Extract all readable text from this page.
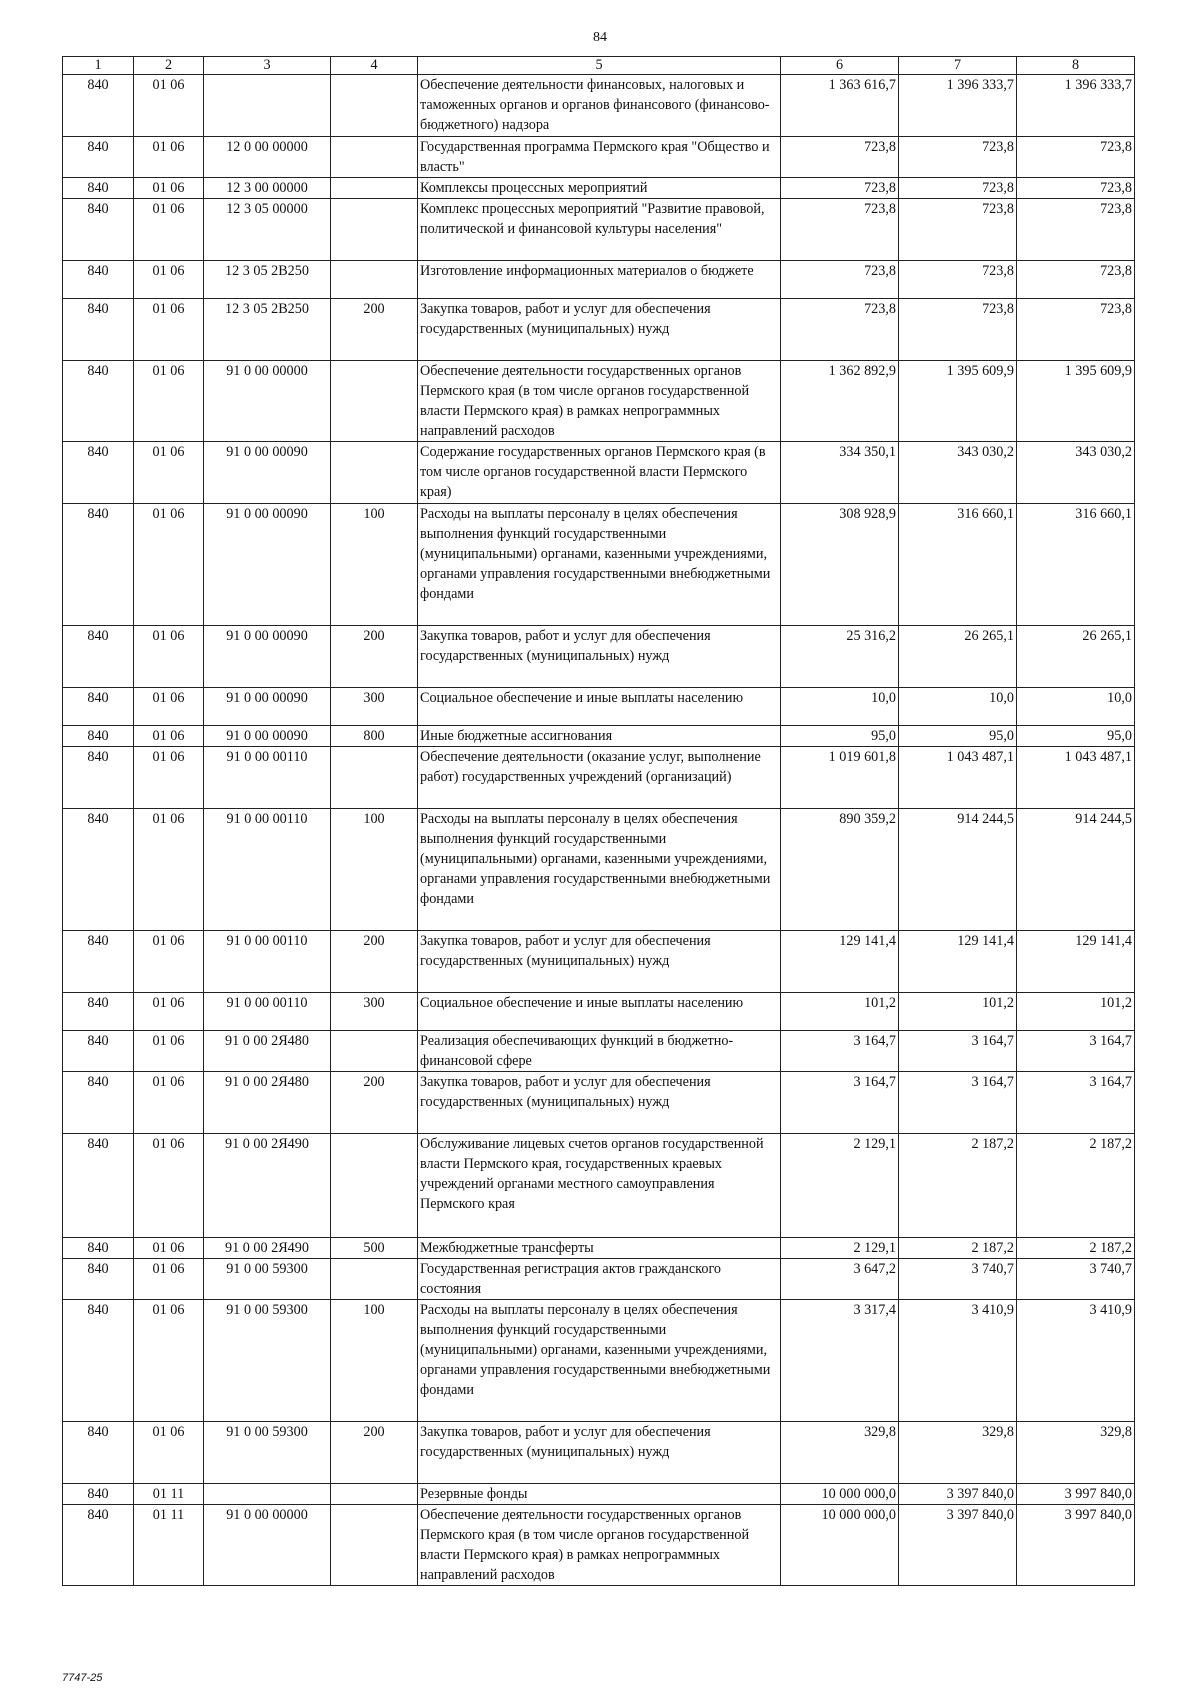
84
1	2	3	4	5	6	7	8
840	01 06			Обеспечение деятельности финансовых, налоговых и таможенных органов и органов финансового (финансово-бюджетного) надзора	1 363 616,7	1 396 333,7	1 396 333,7
840	01 06	12 0 00 00000		Государственная программа Пермского края "Общество и власть"	723,8	723,8	723,8
840	01 06	12 3 00 00000		Комплексы процессных мероприятий	723,8	723,8	723,8
840	01 06	12 3 05 00000		Комплекс процессных мероприятий "Развитие правовой, политической и финансовой культуры населения"	723,8	723,8	723,8
840	01 06	12 3 05 2В250		Изготовление информационных материалов о бюджете	723,8	723,8	723,8
840	01 06	12 3 05 2В250	200	Закупка товаров, работ и услуг для обеспечения государственных (муниципальных) нужд	723,8	723,8	723,8
840	01 06	91 0 00 00000		Обеспечение деятельности государственных органов Пермского края (в том числе органов государственной власти Пермского края) в рамках непрограммных направлений расходов	1 362 892,9	1 395 609,9	1 395 609,9
840	01 06	91 0 00 00090		Содержание государственных органов Пермского края (в том числе органов государственной власти Пермского края)	334 350,1	343 030,2	343 030,2
840	01 06	91 0 00 00090	100	Расходы на выплаты персоналу в целях обеспечения выполнения функций государственными (муниципальными) органами, казенными учреждениями, органами управления государственными внебюджетными фондами	308 928,9	316 660,1	316 660,1
840	01 06	91 0 00 00090	200	Закупка товаров, работ и услуг для обеспечения государственных (муниципальных) нужд	25 316,2	26 265,1	26 265,1
840	01 06	91 0 00 00090	300	Социальное обеспечение и иные выплаты населению	10,0	10,0	10,0
840	01 06	91 0 00 00090	800	Иные бюджетные ассигнования	95,0	95,0	95,0
840	01 06	91 0 00 00110		Обеспечение деятельности (оказание услуг, выполнение работ) государственных учреждений (организаций)	1 019 601,8	1 043 487,1	1 043 487,1
840	01 06	91 0 00 00110	100	Расходы на выплаты персоналу в целях обеспечения выполнения функций государственными (муниципальными) органами, казенными учреждениями, органами управления государственными внебюджетными фондами	890 359,2	914 244,5	914 244,5
840	01 06	91 0 00 00110	200	Закупка товаров, работ и услуг для обеспечения государственных (муниципальных) нужд	129 141,4	129 141,4	129 141,4
840	01 06	91 0 00 00110	300	Социальное обеспечение и иные выплаты населению	101,2	101,2	101,2
840	01 06	91 0 00 2Я480		Реализация обеспечивающих функций в бюджетно-финансовой сфере	3 164,7	3 164,7	3 164,7
840	01 06	91 0 00 2Я480	200	Закупка товаров, работ и услуг для обеспечения государственных (муниципальных) нужд	3 164,7	3 164,7	3 164,7
840	01 06	91 0 00 2Я490		Обслуживание лицевых счетов органов государственной власти Пермского края, государственных краевых учреждений органами местного самоуправления Пермского края	2 129,1	2 187,2	2 187,2
840	01 06	91 0 00 2Я490	500	Межбюджетные трансферты	2 129,1	2 187,2	2 187,2
840	01 06	91 0 00 59300		Государственная регистрация актов гражданского состояния	3 647,2	3 740,7	3 740,7
840	01 06	91 0 00 59300	100	Расходы на выплаты персоналу в целях обеспечения выполнения функций государственными (муниципальными) органами, казенными учреждениями, органами управления государственными внебюджетными фондами	3 317,4	3 410,9	3 410,9
840	01 06	91 0 00 59300	200	Закупка товаров, работ и услуг для обеспечения государственных (муниципальных) нужд	329,8	329,8	329,8
840	01 11			Резервные фонды	10 000 000,0	3 397 840,0	3 997 840,0
840	01 11	91 0 00 00000		Обеспечение деятельности государственных органов Пермского края (в том числе органов государственной власти Пермского края) в рамках непрограммных направлений расходов	10 000 000,0	3 397 840,0	3 997 840,0
7747-25
